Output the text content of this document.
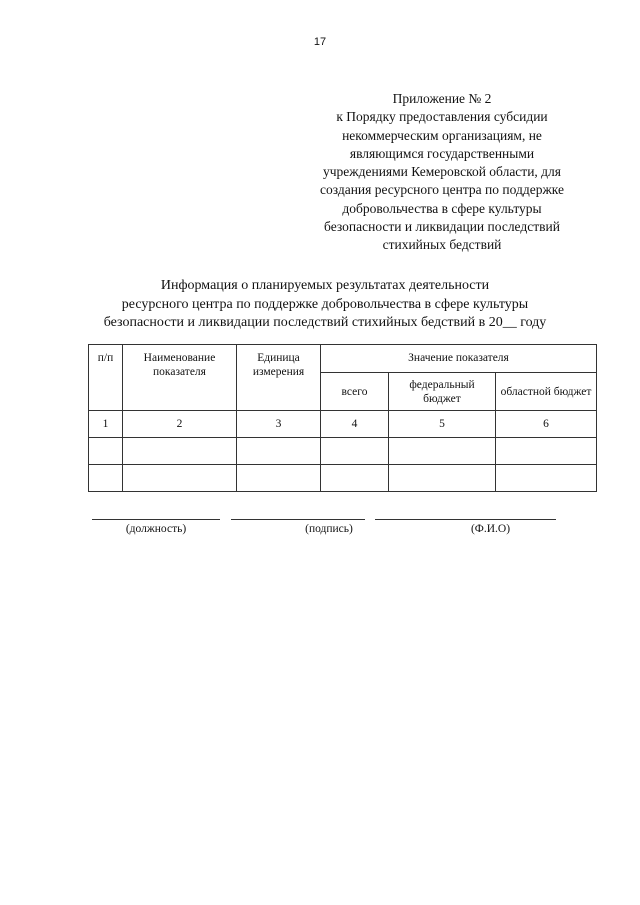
17
Приложение № 2
к Порядку предоставления субсидии
некоммерческим организациям, не
являющимся государственными
учреждениями Кемеровской области, для
создания ресурсного центра по поддержке
добровольчества в сфере культуры
безопасности и ликвидации последствий
стихийных бедствий
Информация о планируемых результатах деятельности
ресурсного центра по поддержке добровольчества в сфере культуры
безопасности и ликвидации последствий стихийных бедствий в 20__ году
п/п	Наименование показателя	Единица измерения	Значение показателя		
			всего	федеральный бюджет	областной бюджет
1	2	3	4	5	6

(должность)	(подпись)	(Ф.И.О)
